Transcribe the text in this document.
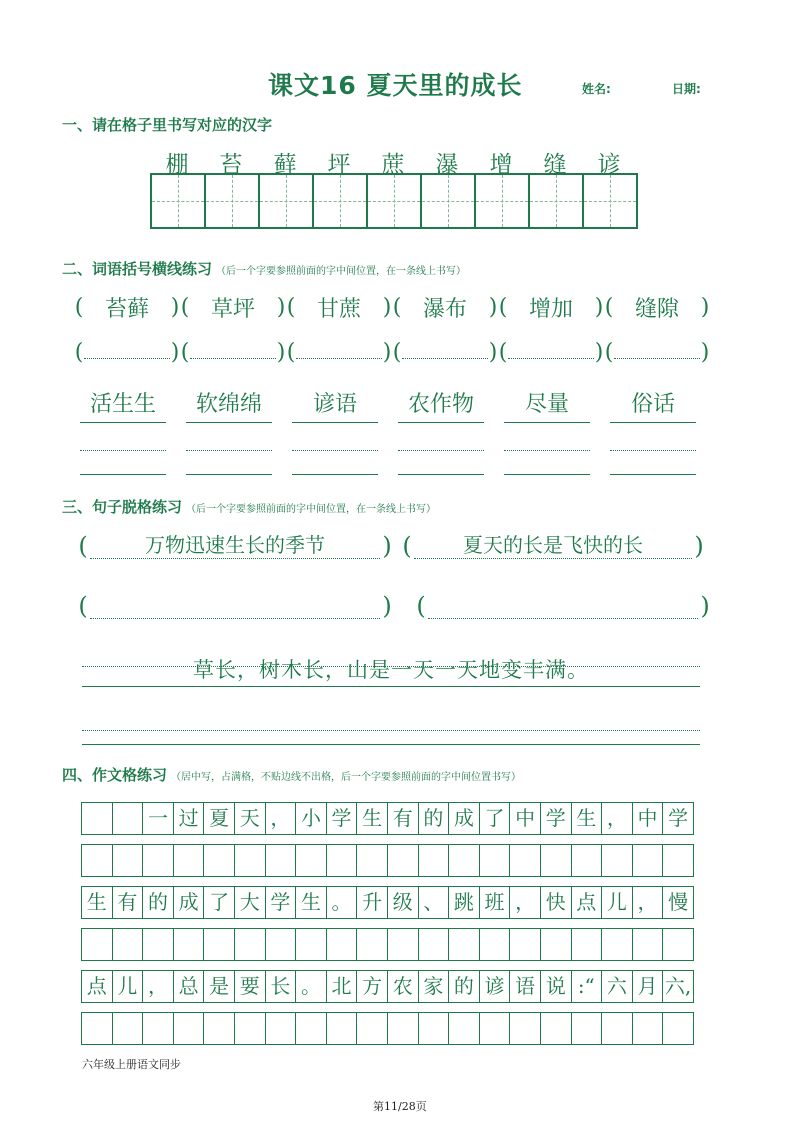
课文16 夏天里的成长	姓名:	日期:
一、请在格子里书写对应的汉字
棚	苔	藓	坪	蔗	瀑	增	缝	谚
二、词语括号横线练习 （后一个字要参照前面的字中间位置，在一条线上书写）
( 苔藓 ) ( 草坪 ) ( 甘蔗 ) ( 瀑布 ) ( 增加 ) ( 缝隙 )
(	) (	) (	) (	) (	) (	)
活生生	软绵绵	谚语	农作物	尽量	俗话
三、句子脱格练习 （后一个字要参照前面的字中间位置，在一条线上书写）
(	万物迅速生长的季节	) (	夏天的长是飞快的长	)
(	) (	)
草长，树木长，山是一天一天地变丰满。
四、作文格练习 （居中写，占满格，不贴边线不出格，后一个字要参照前面的字中间位置书写）
一 过 夏 天 ， 小 学 生 有 的 成 了 中 学 生 ， 中 学
生 有 的 成 了 大 学 生 。 升 级 、 跳 班 ， 快 点 儿 ， 慢
点 儿 ， 总 是 要 长 。 北 方 农 家 的 谚 语 说 :“ 六 月 六,
六年级上册语文同步
第11/28页
